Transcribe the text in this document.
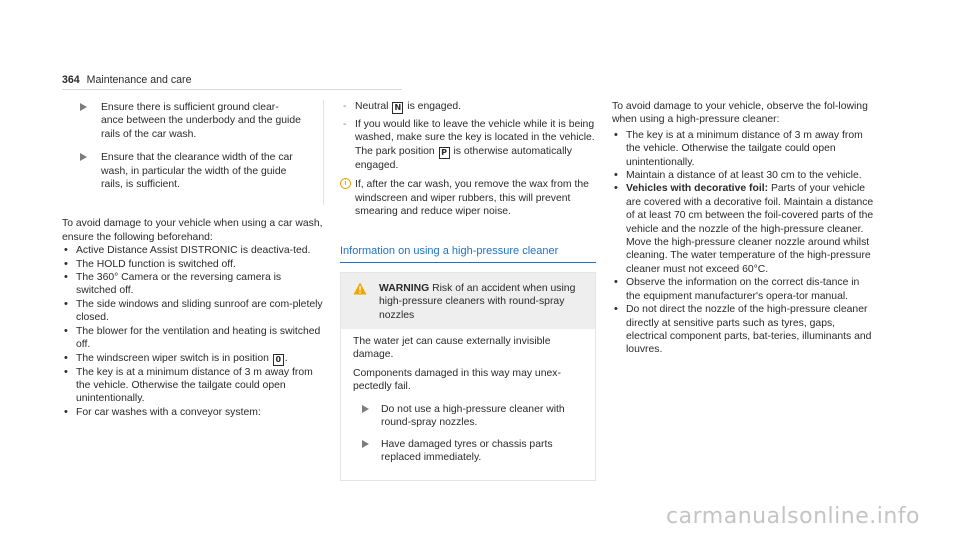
364 Maintenance and care
Ensure there is sufficient ground clear-ance between the underbody and the guide rails of the car wash.
Ensure that the clearance width of the car wash, in particular the width of the guide rails, is sufficient.

To avoid damage to your vehicle when using a car wash, ensure the following beforehand:

• Active Distance Assist DISTRONIC is deactiva-ted.
• The HOLD function is switched off.
• The 360° Camera or the reversing camera is switched off.
• The side windows and sliding sunroof are com-pletely closed.
• The blower for the ventilation and heating is switched off.
• The windscreen wiper switch is in position 0 .
• The key is at a minimum distance of 3 m away from the vehicle. Otherwise the tailgate could open unintentionally.
• For car washes with a conveyor system:
- Neutral N is engaged.
- If you would like to leave the vehicle while it is being washed, make sure the key is located in the vehicle. The park position P is otherwise automatically engaged.
i If, after the car wash, you remove the wax from the windscreen and wiper rubbers, this will prevent smearing and reduce wiper noise.
Information on using a high-pressure cleaner
WARNING Risk of an accident when using high-pressure cleaners with round-spray nozzles

The water jet can cause externally invisible damage.

Components damaged in this way may unex-pectedly fail.

Do not use a high-pressure cleaner with round-spray nozzles.
Have damaged tyres or chassis parts replaced immediately.

To avoid damage to your vehicle, observe the fol-lowing when using a high-pressure cleaner:

• The key is at a minimum distance of 3 m away from the vehicle. Otherwise the tailgate could open unintentionally.
• Maintain a distance of at least 30 cm to the vehicle.
• Vehicles with decorative foil: Parts of your vehicle are covered with a decorative foil. Maintain a distance of at least 70 cm between the foil-covered parts of the vehicle and the nozzle of the high-pressure cleaner. Move the high-pressure cleaner nozzle around whilst cleaning. The water temperature of the high-pressure cleaner must not exceed 60°C.
• Observe the information on the correct dis-tance in the equipment manufacturer's opera-tor manual.
• Do not direct the nozzle of the high-pressure cleaner directly at sensitive parts such as tyres, gaps, electrical component parts, bat-teries, illuminants and louvres.
carmanualsonline.info
